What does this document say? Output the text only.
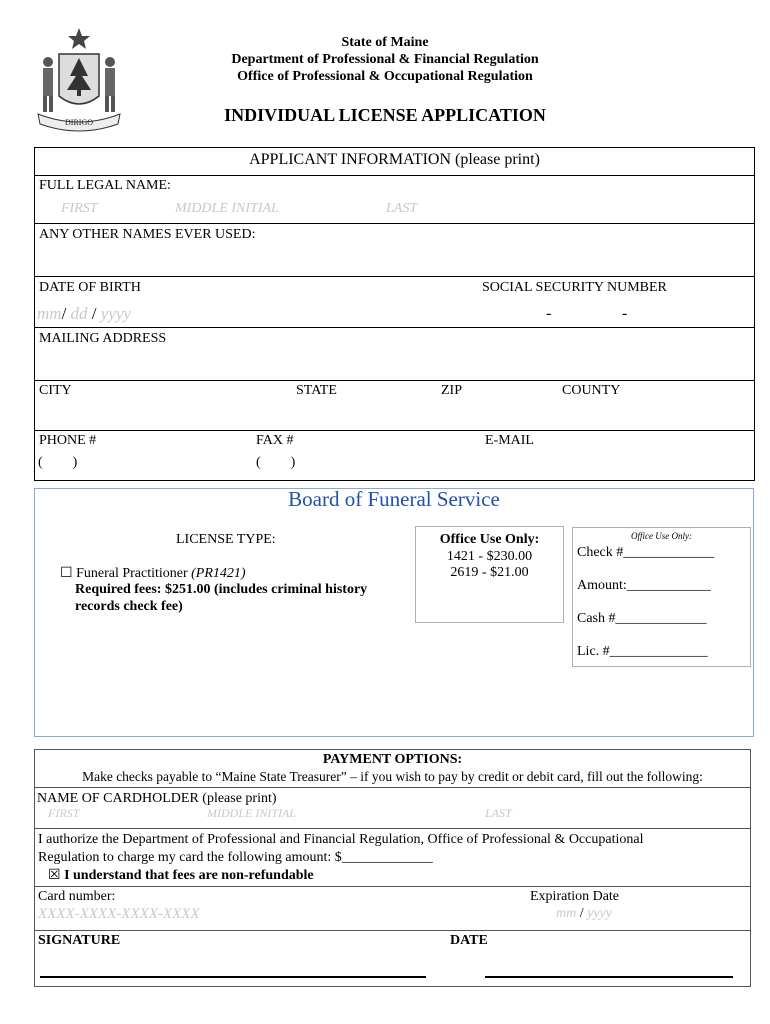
DIRIGO
State of Maine
Department of Professional & Financial Regulation
Office of Professional & Occupational Regulation
INDIVIDUAL LICENSE APPLICATION
APPLICANT INFORMATION (please print)
FULL LEGAL NAME:
FIRST	MIDDLE INITIAL	LAST
ANY OTHER NAMES EVER USED:
DATE OF BIRTH	SOCIAL SECURITY NUMBER
mm/ dd / yyyy	-	-
MAILING ADDRESS
CITY	STATE	ZIP	COUNTY
PHONE #	FAX #	E-MAIL
( )	( )
Board of Funeral Service
LICENSE TYPE:
☐ Funeral Practitioner (PR1421)
Required fees: $251.00 (includes criminal history
records check fee)
Office Use Only:
1421 - $230.00
2619 - $21.00
Office Use Only:
Check #_____________
Amount:____________
Cash #_____________
Lic. #______________
PAYMENT OPTIONS:
Make checks payable to “Maine State Treasurer” – if you wish to pay by credit or debit card, fill out the following:
NAME OF CARDHOLDER (please print)
FIRST	MIDDLE INITIAL	LAST
I authorize the Department of Professional and Financial Regulation, Office of Professional & Occupational
Regulation to charge my card the following amount: $_____________
☒ I understand that fees are non-refundable
Card number:
XXXX-XXXX-XXXX-XXXX
Expiration Date
mm / yyyy
SIGNATURE	DATE
